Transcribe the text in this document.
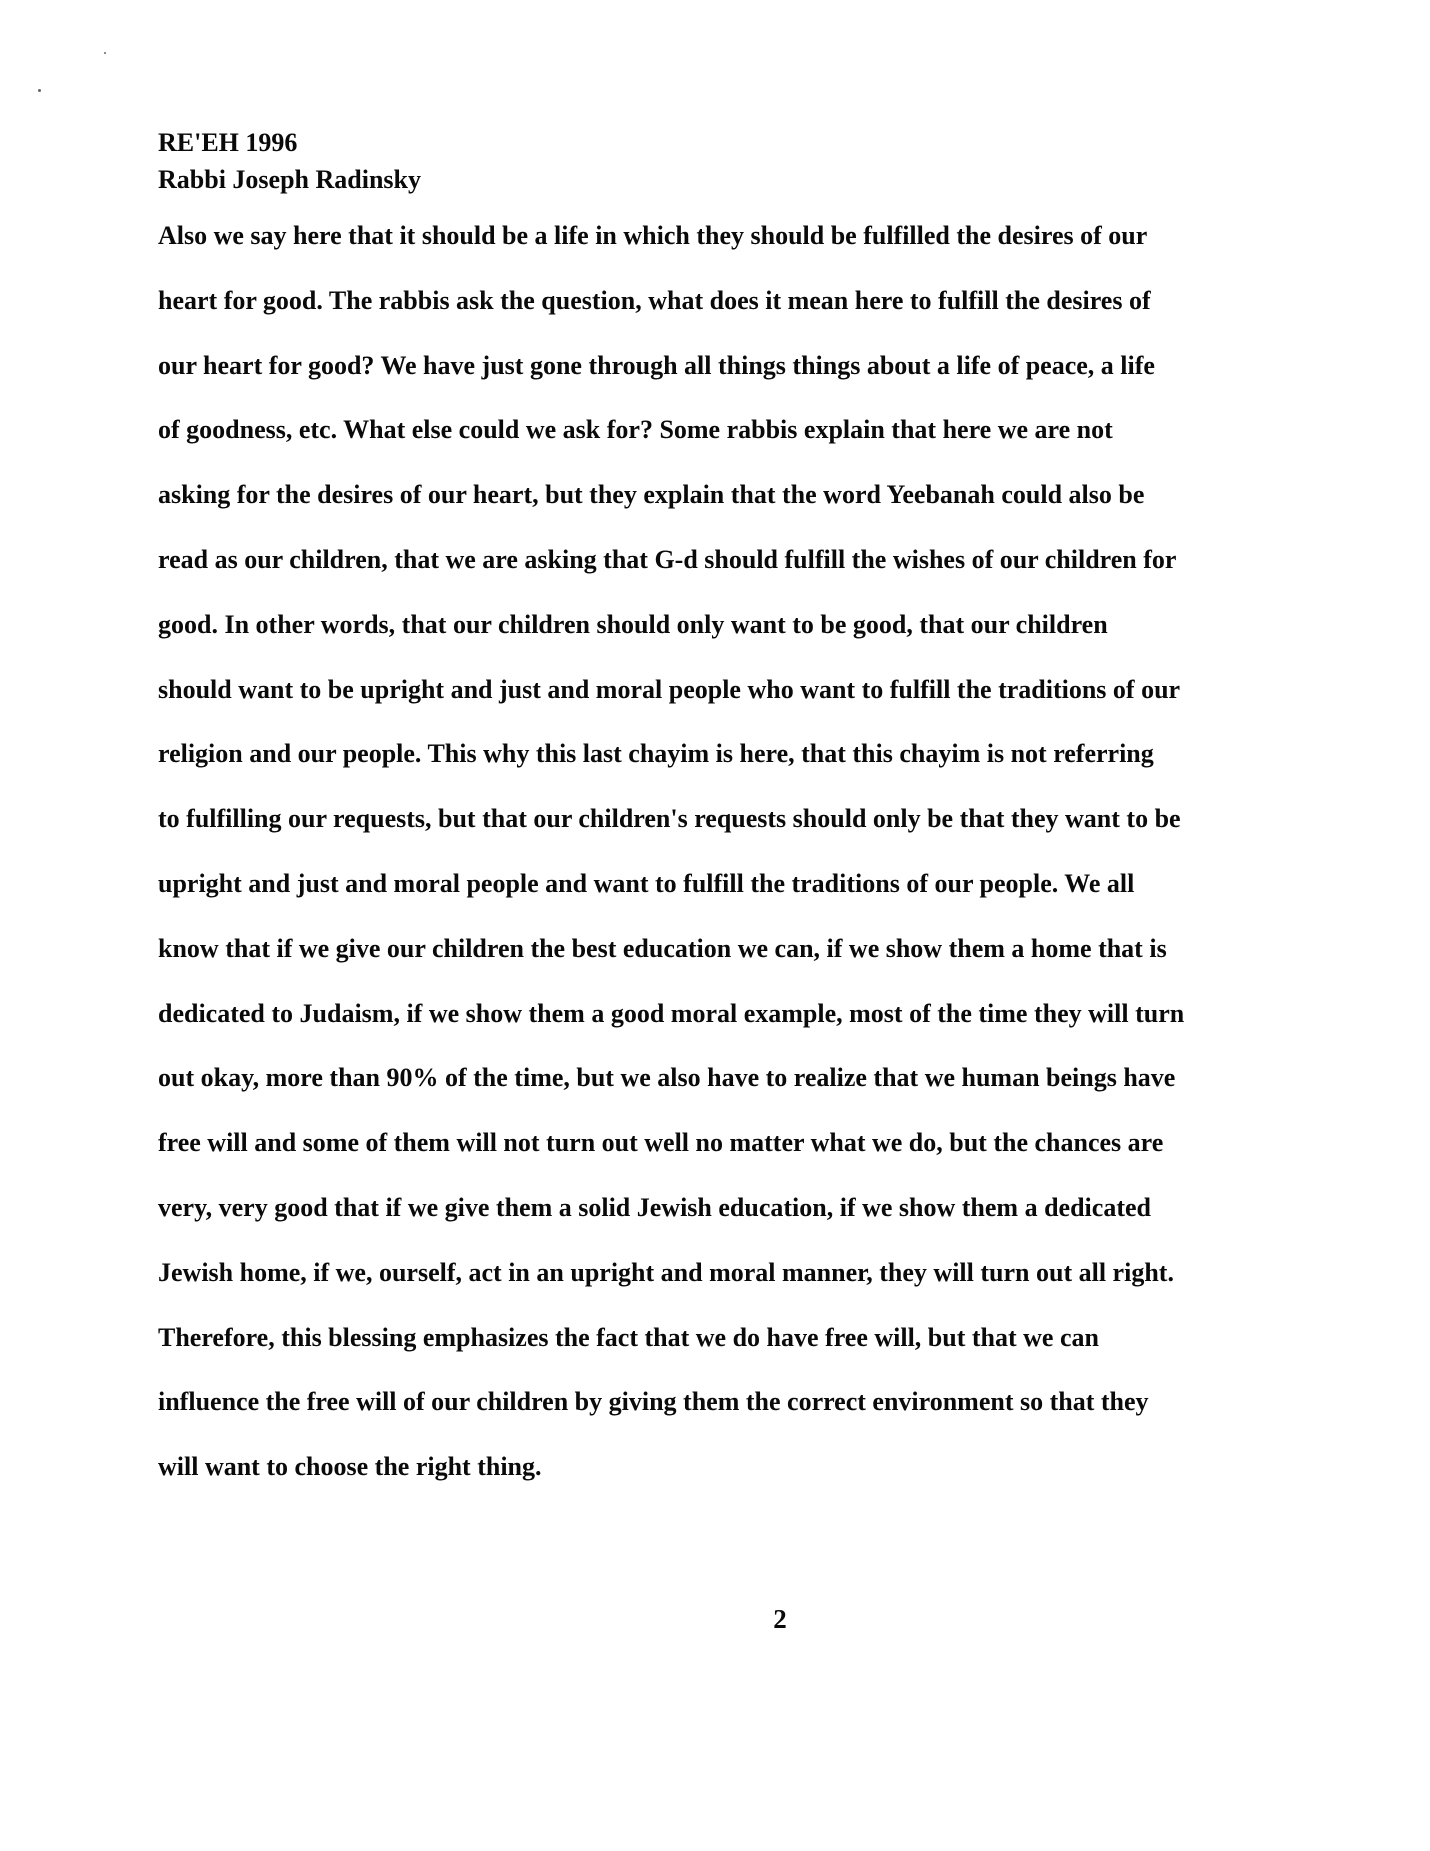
RE'EH 1996
Rabbi Joseph Radinsky
Also we say here that it should be a life in which they should be fulfilled the desires of our
heart for good. The rabbis ask the question, what does it mean here to fulfill the desires of
our heart for good? We have just gone through all things things about a life of peace, a life
of goodness, etc. What else could we ask for? Some rabbis explain that here we are not
asking for the desires of our heart, but they explain that the word Yeebanah could also be
read as our children, that we are asking that G-d should fulfill the wishes of our children for
good. In other words, that our children should only want to be good, that our children
should want to be upright and just and moral people who want to fulfill the traditions of our
religion and our people. This why this last chayim is here, that this chayim is not referring
to fulfilling our requests, but that our children's requests should only be that they want to be
upright and just and moral people and want to fulfill the traditions of our people. We all
know that if we give our children the best education we can, if we show them a home that is
dedicated to Judaism, if we show them a good moral example, most of the time they will turn
out okay, more than 90% of the time, but we also have to realize that we human beings have
free will and some of them will not turn out well no matter what we do, but the chances are
very, very good that if we give them a solid Jewish education, if we show them a dedicated
Jewish home, if we, ourself, act in an upright and moral manner, they will turn out all right.
Therefore, this blessing emphasizes the fact that we do have free will, but that we can
influence the free will of our children by giving them the correct environment so that they
will want to choose the right thing.
2
